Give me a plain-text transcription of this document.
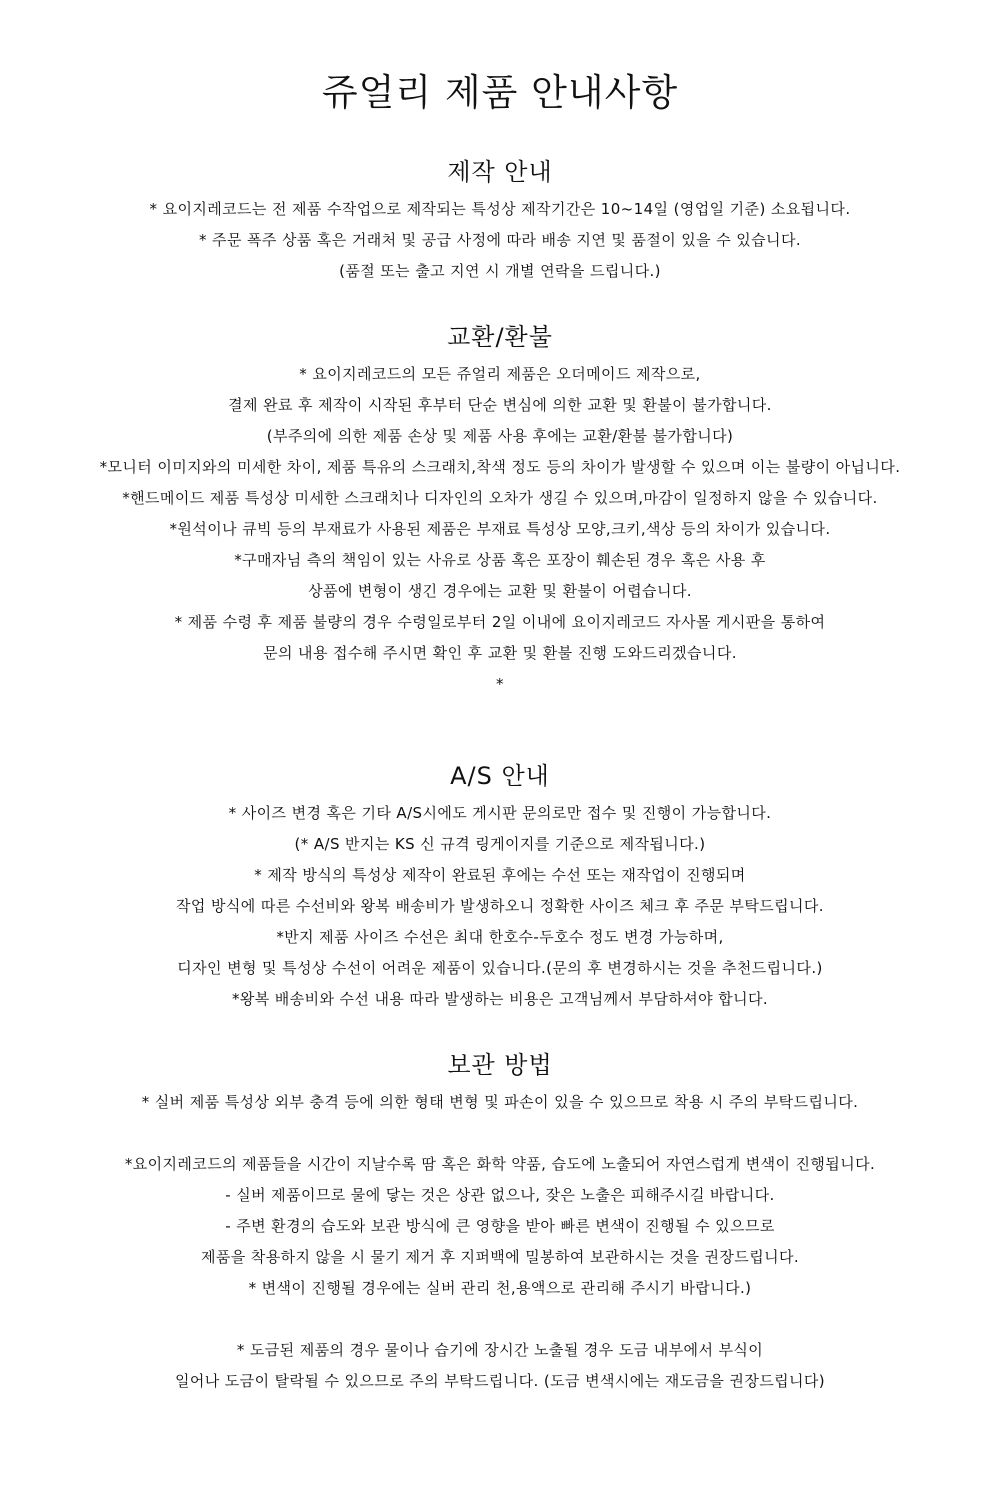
쥬얼리 제품 안내사항
제작 안내
* 요이지레코드는 전 제품 수작업으로 제작되는 특성상 제작기간은 10~14일 (영업일 기준) 소요됩니다.
* 주문 폭주 상품 혹은 거래처 및 공급 사정에 따라 배송 지연 및 품절이 있을 수 있습니다.
(품절 또는 출고 지연 시 개별 연락을 드립니다.)
교환/환불
* 요이지레코드의 모든 쥬얼리 제품은 오더메이드 제작으로,
결제 완료 후 제작이 시작된 후부터 단순 변심에 의한 교환 및 환불이 불가합니다.
(부주의에 의한 제품 손상 및 제품 사용 후에는 교환/환불 불가합니다)
*모니터 이미지와의 미세한 차이, 제품 특유의 스크래치,착색 정도 등의 차이가 발생할 수 있으며 이는 불량이 아닙니다.
*핸드메이드 제품 특성상 미세한 스크래치나 디자인의 오차가 생길 수 있으며,마감이 일정하지 않을 수 있습니다.
*원석이나 큐빅 등의 부재료가 사용된 제품은 부재료 특성상 모양,크키,색상 등의 차이가 있습니다.
*구매자님 측의 책임이 있는 사유로 상품 혹은 포장이 훼손된 경우 혹은 사용 후
상품에 변형이 생긴 경우에는 교환 및 환불이 어렵습니다.
* 제품 수령 후 제품 불량의 경우 수령일로부터 2일 이내에 요이지레코드 자사몰 게시판을 통하여
문의 내용 접수해 주시면 확인 후 교환 및 환불 진행 도와드리겠습니다.
*
A/S 안내
* 사이즈 변경 혹은 기타 A/S시에도 게시판 문의로만 접수 및 진행이 가능합니다.
(* A/S 반지는 KS 신 규격 링게이지를 기준으로 제작됩니다.)
* 제작 방식의 특성상 제작이 완료된 후에는 수선 또는 재작업이 진행되며
작업 방식에 따른 수선비와 왕복 배송비가 발생하오니 정확한 사이즈 체크 후 주문 부탁드립니다.
*반지 제품 사이즈 수선은 최대 한호수-두호수 정도 변경 가능하며,
디자인 변형 및 특성상 수선이 어려운 제품이 있습니다.(문의 후 변경하시는 것을 추천드립니다.)
*왕복 배송비와 수선 내용 따라 발생하는 비용은 고객님께서 부담하셔야 합니다.
보관 방법
* 실버 제품 특성상 외부 충격 등에 의한 형태 변형 및 파손이 있을 수 있으므로 착용 시 주의 부탁드립니다.
*요이지레코드의 제품들을 시간이 지날수록 땀 혹은 화학 약품, 습도에 노출되어 자연스럽게 변색이 진행됩니다.
- 실버 제품이므로 물에 닿는 것은 상관 없으나, 잦은 노출은 피해주시길 바랍니다.
- 주변 환경의 습도와 보관 방식에 큰 영향을 받아 빠른 변색이 진행될 수 있으므로
제품을 착용하지 않을 시 물기 제거 후 지퍼백에 밀봉하여 보관하시는 것을 권장드립니다.
* 변색이 진행될 경우에는 실버 관리 천,용액으로 관리해 주시기 바랍니다.)
* 도금된 제품의 경우 물이나 습기에 장시간 노출될 경우 도금 내부에서 부식이
일어나 도금이 탈락될 수 있으므로 주의 부탁드립니다. (도금 변색시에는 재도금을 권장드립니다)
